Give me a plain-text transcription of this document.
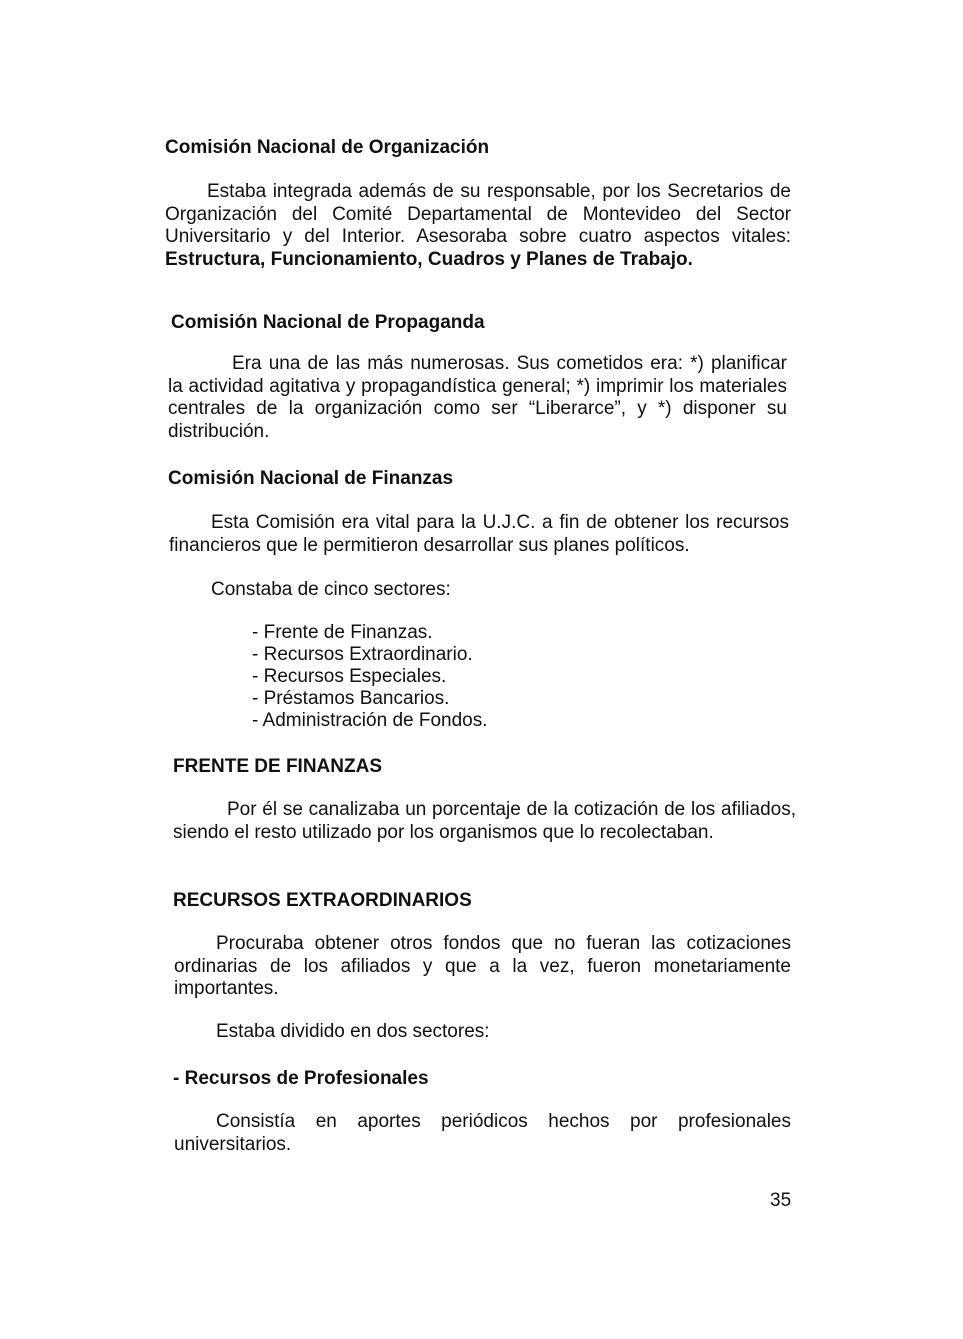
Comisión Nacional de Organización

Estaba integrada además de su responsable, por los Secretarios de Organización del Comité Departamental de Montevideo del Sector Universitario y del Interior. Asesoraba sobre cuatro aspectos vitales: Estructura, Funcionamiento, Cuadros y Planes de Trabajo.

Comisión Nacional de Propaganda

Era una de las más numerosas. Sus cometidos era: *) planificar la actividad agitativa y propagandística general; *) imprimir los materiales centrales de la organización como ser “Liberarce”, y *) disponer su distribución.

Comisión Nacional de Finanzas

Esta Comisión era vital para la U.J.C. a fin de obtener los recursos financieros que le permitieron desarrollar sus planes políticos.

Constaba de cinco sectores:

- Frente de Finanzas.
- Recursos Extraordinario.
- Recursos Especiales.
- Préstamos Bancarios.
- Administración de Fondos.
FRENTE DE FINANZAS

Por él se canalizaba un porcentaje de la cotización de los afiliados, siendo el resto utilizado por los organismos que lo recolectaban.

RECURSOS EXTRAORDINARIOS

Procuraba obtener otros fondos que no fueran las cotizaciones ordinarias de los afiliados y que a la vez, fueron monetariamente importantes.

Estaba dividido en dos sectores:

- Recursos de Profesionales

Consistía en aportes periódicos hechos por profesionales universitarios.

35
